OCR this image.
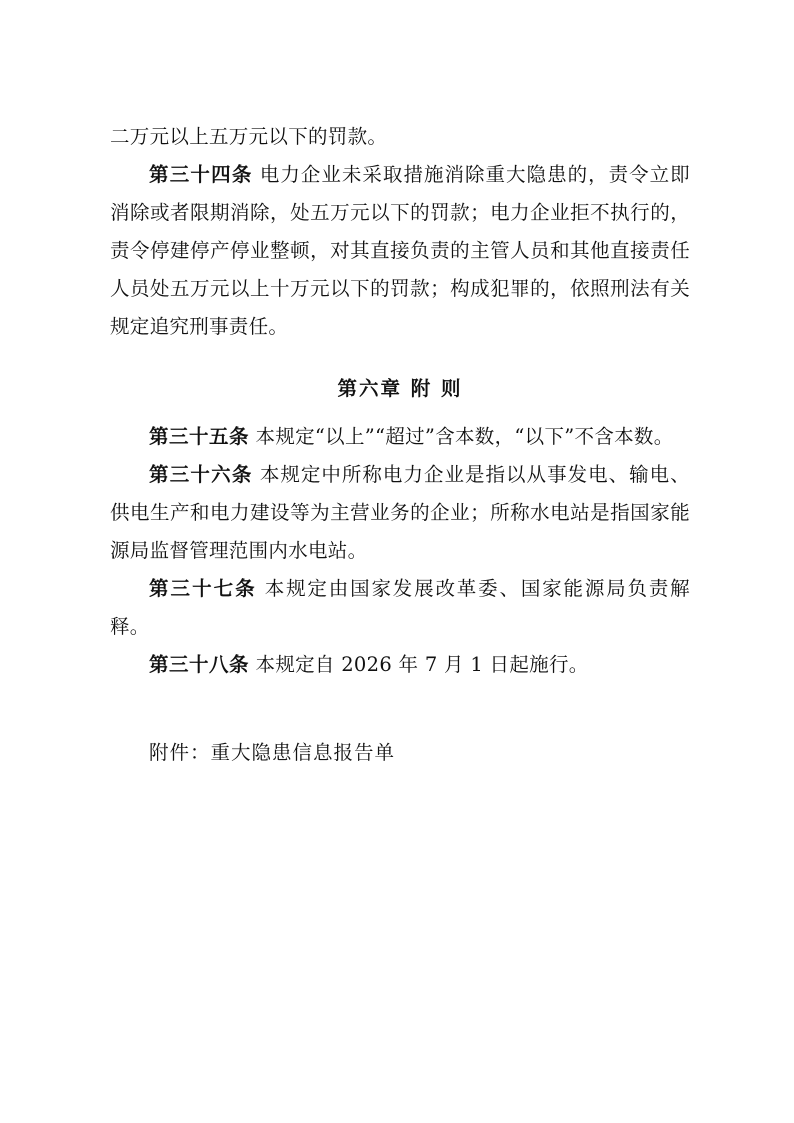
二万元以上五万元以下的罚款。

第三十四条 电力企业未采取措施消除重大隐患的，责令立即消除或者限期消除，处五万元以下的罚款；电力企业拒不执行的，责令停建停产停业整顿，对其直接负责的主管人员和其他直接责任人员处五万元以上十万元以下的罚款；构成犯罪的，依照刑法有关规定追究刑事责任。

第六章 附 则

第三十五条 本规定“以上”“超过”含本数，“以下”不含本数。

第三十六条 本规定中所称电力企业是指以从事发电、输电、供电生产和电力建设等为主营业务的企业；所称水电站是指国家能源局监督管理范围内水电站。

第三十七条 本规定由国家发展改革委、国家能源局负责解释。

第三十八条 本规定自 2026 年 7 月 1 日起施行。

附件：重大隐患信息报告单
